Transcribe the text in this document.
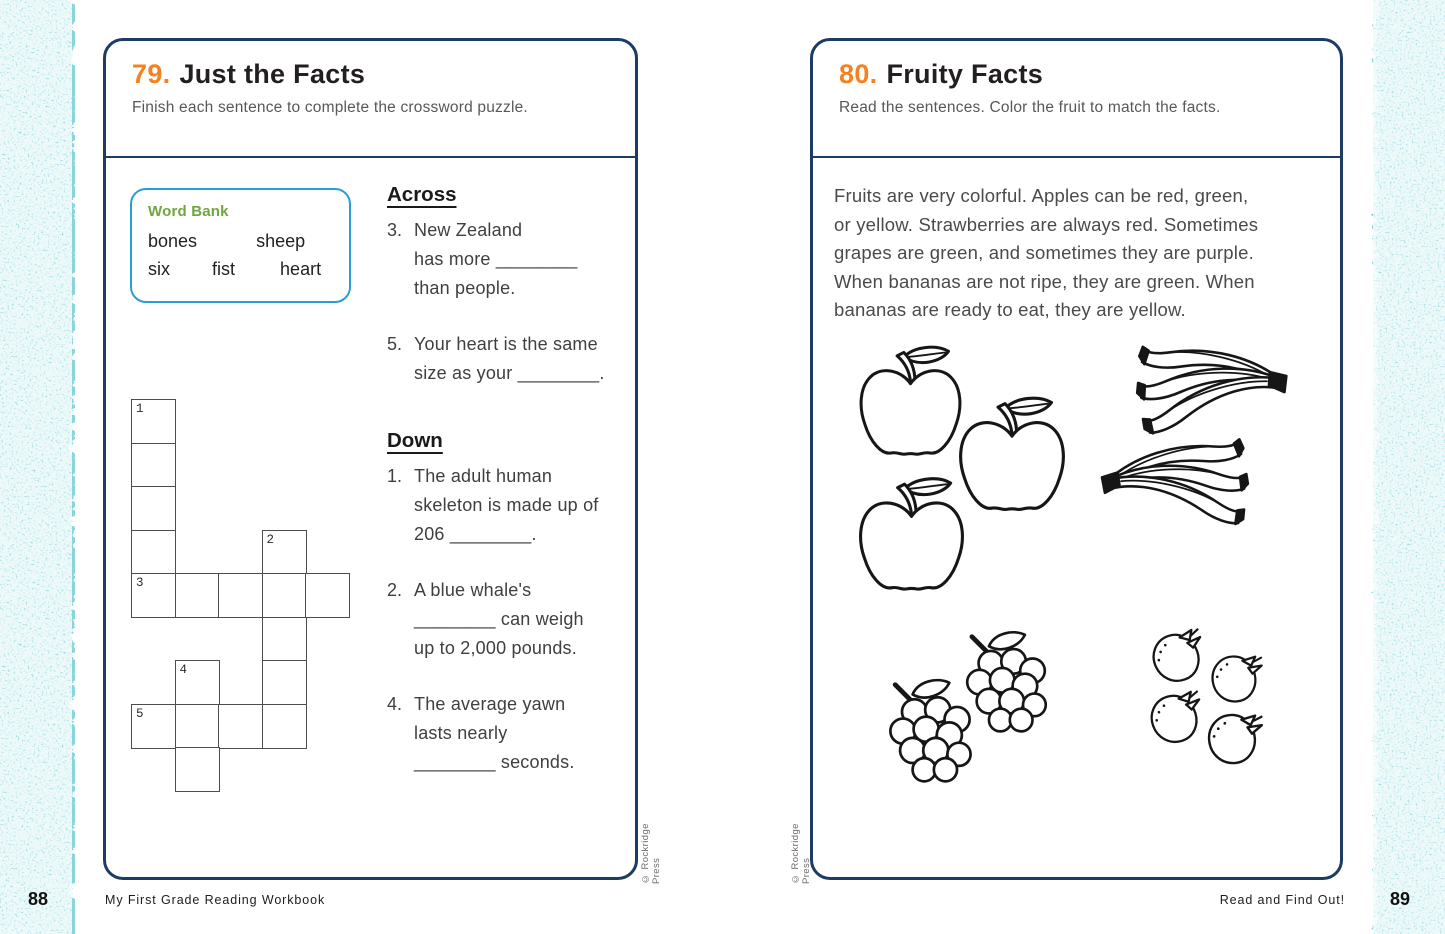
79. Just the Facts
Finish each sentence to complete the crossword puzzle.
Word Bank
bones	sheep
six fist	heart
Across
3. New Zealand
has more ________
than people.
5. Your heart is the same
size as your ________.
Down
1. The adult human
skeleton is made up of
206 ________.
2. A blue whale's
________ can weigh
up to 2,000 pounds.
4. The average yawn
lasts nearly
________ seconds.
1
2
3
4
5
80. Fruity Facts
Read the sentences. Color the fruit to match the facts.
Fruits are very colorful. Apples can be red, green,
or yellow. Strawberries are always red. Sometimes
grapes are green, and sometimes they are purple.
When bananas are not ripe, they are green. When
bananas are ready to eat, they are yellow.
© Rockridge Press	© Rockridge Press
88	My First Grade Reading Workbook	Read and Find Out!	89
